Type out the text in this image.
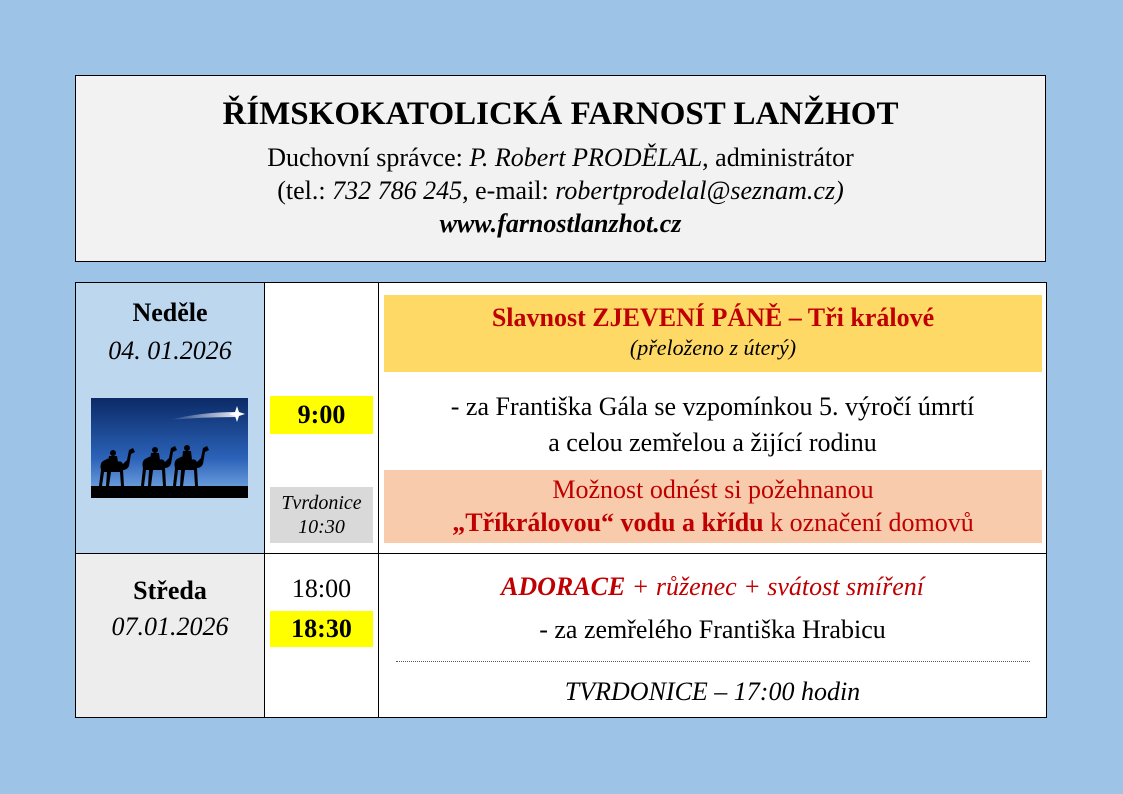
ŘÍMSKOKATOLICKÁ FARNOST LANŽHOT
Duchovní správce: P. Robert PRODĚLAL, administrátor
(tel.: 732 786 245, e-mail: robertprodelal@seznam.cz)
www.farnostlanzhot.cz
Neděle
04. 01.2026
9:00
Tvrdonice
10:30
Slavnost ZJEVENÍ PÁNĚ – Tři králové
(přeloženo z úterý)
- za Františka Gála se vzpomínkou 5. výročí úmrtí
a celou zemřelou a žijící rodinu
Možnost odnést si požehnanou
„Tříkrálovou“ vodu a křídu k označení domovů
Středa
07.01.2026
18:00
18:30
ADORACE + růženec + svátost smíření
- za zemřelého Františka Hrabicu
TVRDONICE – 17:00 hodin
